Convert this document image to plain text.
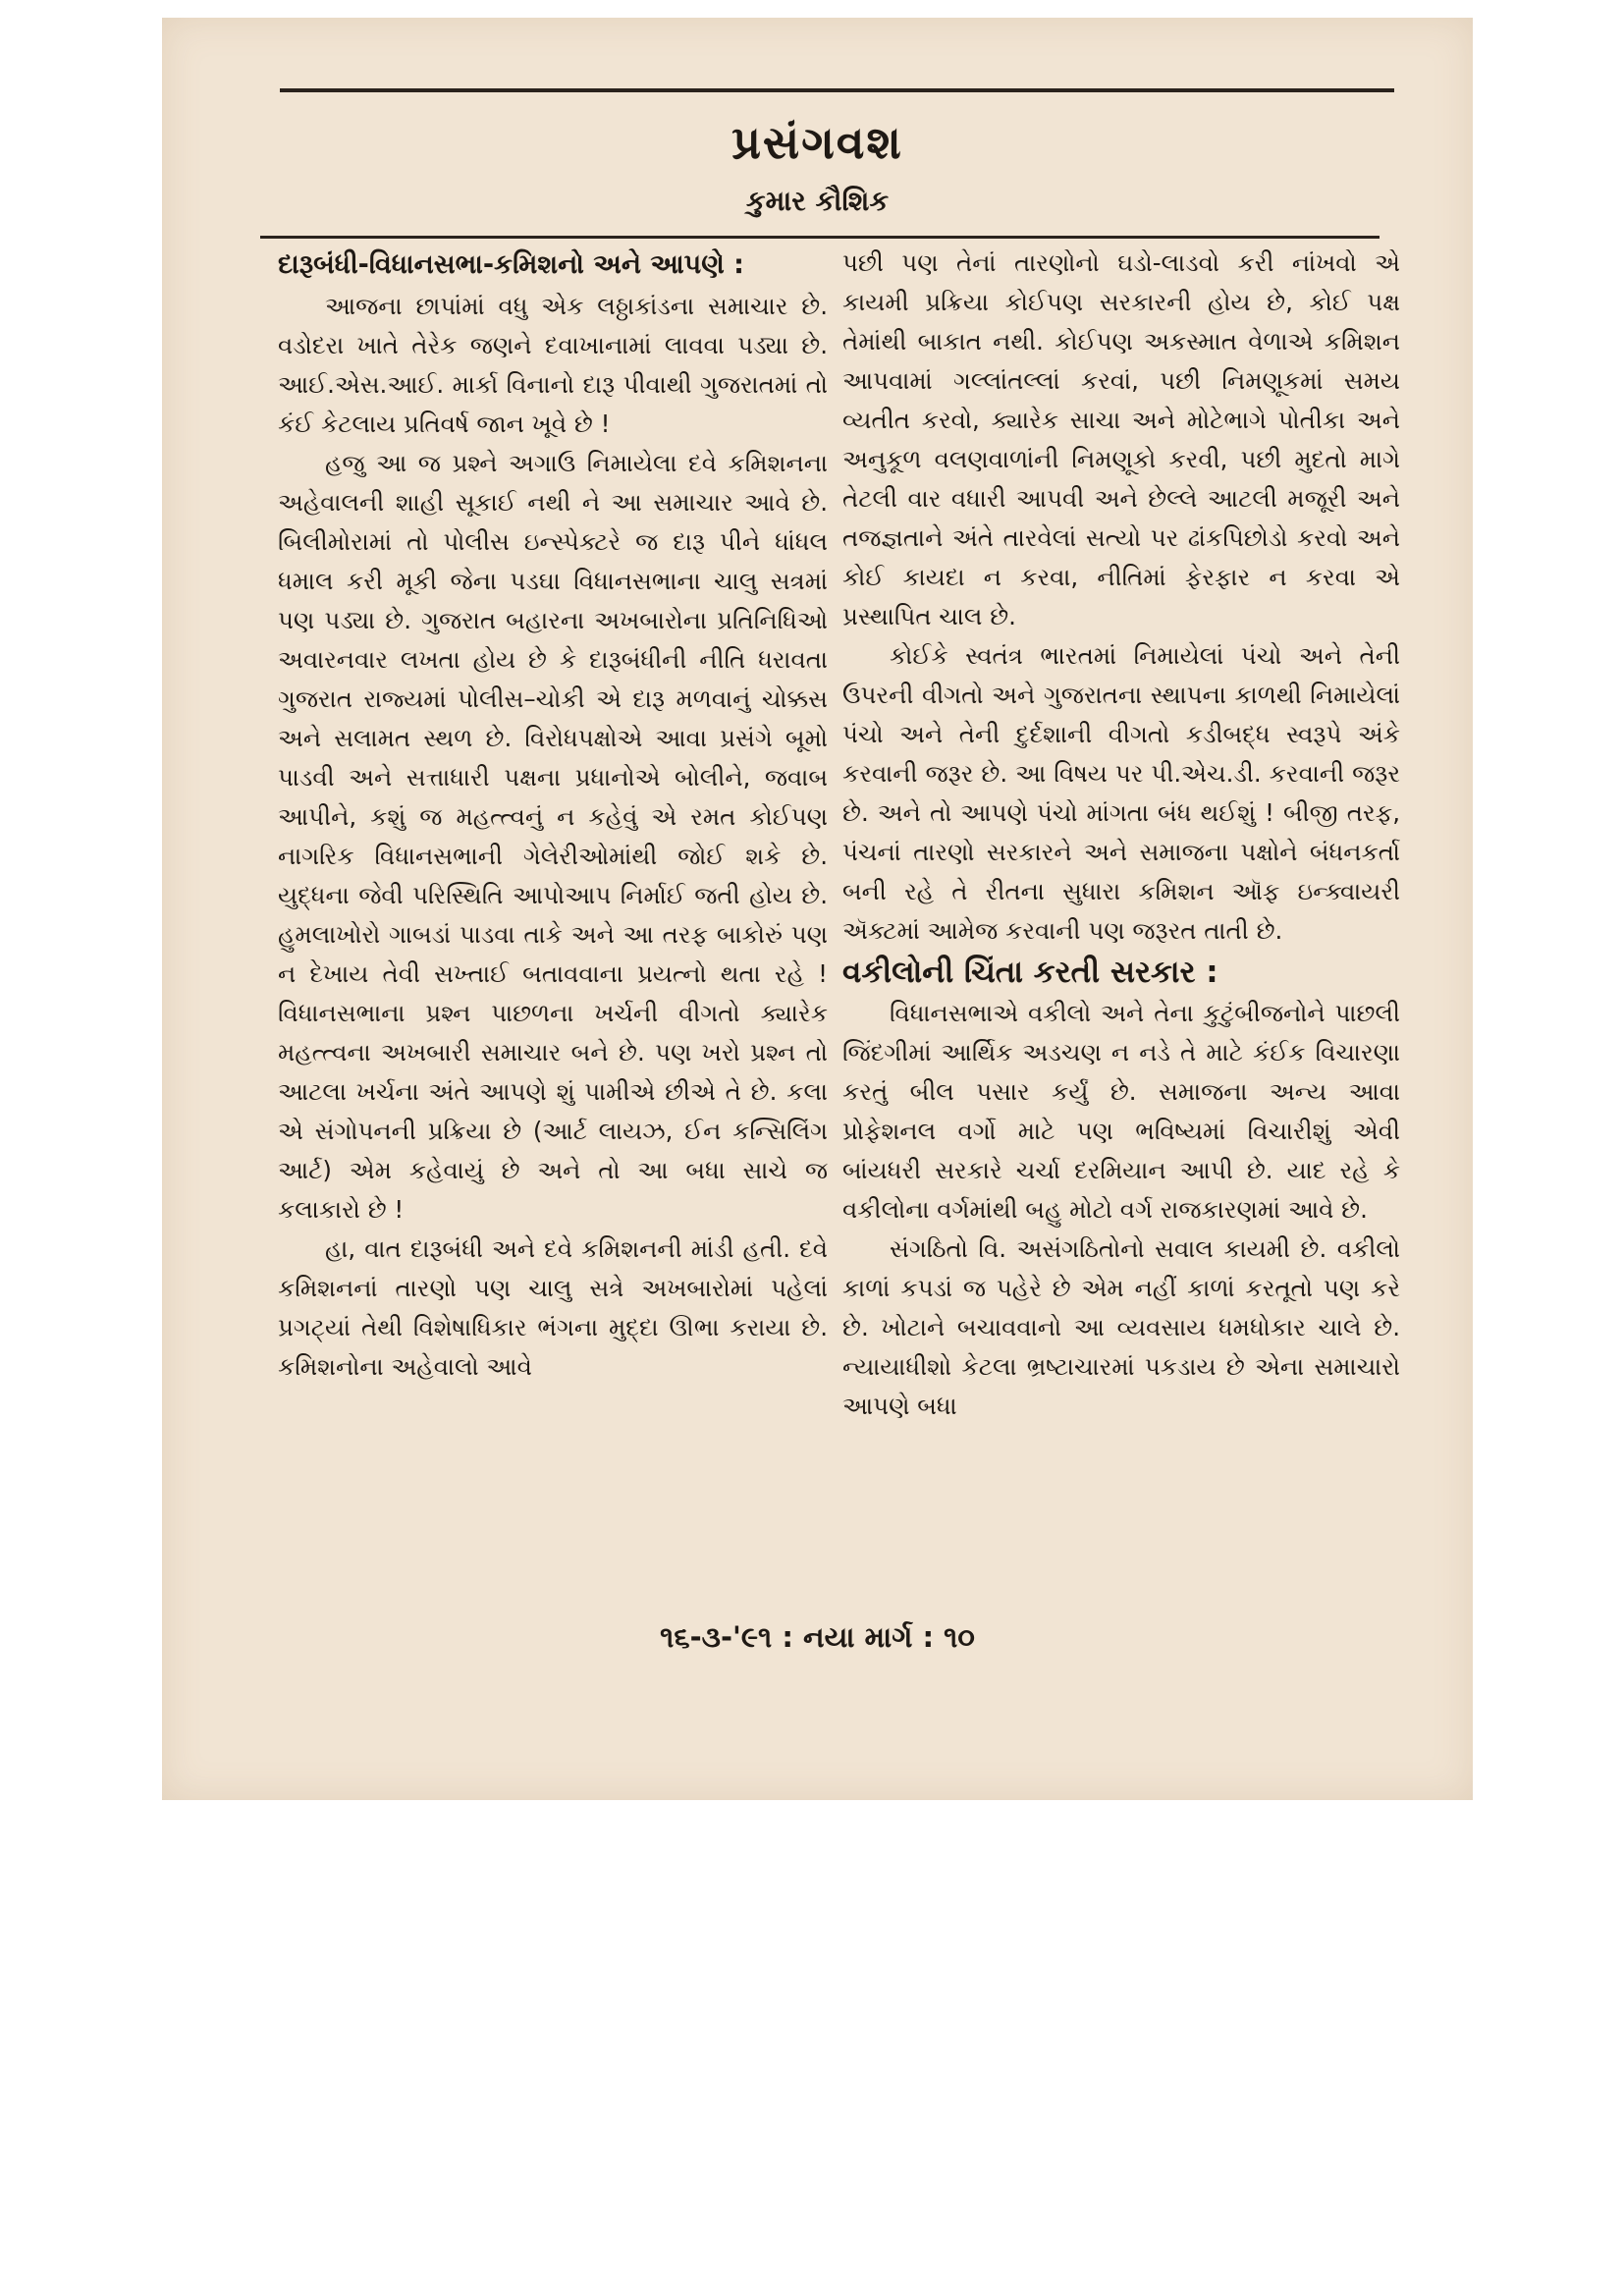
પ્રસંગવશ
કુમાર કૌશિક

દારૂબંધી-વિધાનસભા-કમિશનો અને આપણે :

આજના છાપાંમાં વધુ એક લઠ્ઠાકાંડના સમાચાર છે. વડોદરા ખાતે તેરેક જણને દવાખાનામાં લાવવા પડ્યા છે. આઈ.એસ.આઈ. માર્કા વિનાનો દારૂ પીવાથી ગુજરાતમાં તો કંઈ કેટલાય પ્રતિવર્ષ જાન ખૂવે છે !

હજુ આ જ પ્રશ્ને અગાઉ નિમાયેલા દવે કમિશનના અહેવાલની શાહી સૂકાઈ નથી ને આ સમાચાર આવે છે. બિલીમોરામાં તો પોલીસ ઇન્સ્પેક્ટરે જ દારૂ પીને ધાંધલ ધમાલ કરી મૂકી જેના પડઘા વિધાનસભાના ચાલુ સત્રમાં પણ પડ્યા છે. ગુજરાત બહારના અખબારોના પ્રતિનિધિઓ અવારનવાર લખતા હોય છે કે દારૂબંધીની નીતિ ધરાવતા ગુજરાત રાજ્યમાં પોલીસ–ચોકી એ દારૂ મળવાનું ચોક્કસ અને સલામત સ્થળ છે. વિરોધપક્ષોએ આવા પ્રસંગે બૂમો પાડવી અને સત્તાધારી પક્ષના પ્રધાનોએ બોલીને, જવાબ આપીને, કશું જ મહત્ત્વનું ન કહેવું એ રમત કોઈપણ નાગરિક વિધાનસભાની ગેલેરીઓમાંથી જોઈ શકે છે. યુદ્ધના જેવી પરિસ્થિતિ આપોઆપ નિર્માઈ જતી હોય છે. હુમલાખોરો ગાબડાં પાડવા તાકે અને આ તરફ બાકોરું પણ ન દેખાય તેવી સખ્તાઈ બતાવવાના પ્રયત્નો થતા રહે ! વિધાનસભાના પ્રશ્ન પાછળના ખર્ચની વીગતો ક્યારેક મહત્ત્વના અખબારી સમાચાર બને છે. પણ ખરો પ્રશ્ન તો આટલા ખર્ચના અંતે આપણે શું પામીએ છીએ તે છે. કલા એ સંગોપનની પ્રક્રિયા છે (આર્ટ લાયઝ, ઈન કન્સિલિંગ આર્ટ) એમ કહેવાયું છે અને તો આ બધા સાચે જ કલાકારો છે !

હા, વાત દારૂબંધી અને દવે કમિશનની માંડી હતી. દવે કમિશનનાં તારણો પણ ચાલુ સત્રે અખબારોમાં પહેલાં પ્રગટ્યાં તેથી વિશેષાધિકાર ભંગના મુદ્દા ઊભા કરાયા છે. કમિશનોના અહેવાલો આવે

પછી પણ તેનાં તારણોનો ઘડો-લાડવો કરી નાંખવો એ કાયમી પ્રક્રિયા કોઈપણ સરકારની હોય છે, કોઈ પક્ષ તેમાંથી બાકાત નથી. કોઈપણ અકસ્માત વેળાએ કમિશન આપવામાં ગલ્લાંતલ્લાં કરવાં, પછી નિમણૂકમાં સમય વ્યતીત કરવો, ક્યારેક સાચા અને મોટેભાગે પોતીકા અને અનુકૂળ વલણવાળાંની નિમણૂકો કરવી, પછી મુદતો માગે તેટલી વાર વધારી આપવી અને છેલ્લે આટલી મજૂરી અને તજજ્ઞતાને અંતે તારવેલાં સત્યો પર ઢાંકપિછોડો કરવો અને કોઈ કાયદા ન કરવા, નીતિમાં ફેરફાર ન કરવા એ પ્રસ્થાપિત ચાલ છે.

કોઈકે સ્વતંત્ર ભારતમાં નિમાયેલાં પંચો અને તેની ઉપરની વીગતો અને ગુજરાતના સ્થાપના કાળથી નિમાયેલાં પંચો અને તેની દુર્દશાની વીગતો કડીબદ્ધ સ્વરૂપે અંકે કરવાની જરૂર છે. આ વિષય પર પી.એચ.ડી. કરવાની જરૂર છે. અને તો આપણે પંચો માંગતા બંધ થઈશું ! બીજી તરફ, પંચનાં તારણો સરકારને અને સમાજના પક્ષોને બંધનકર્તા બની રહે તે રીતના સુધારા કમિશન ઑફ ઇન્ક્વાયરી ઍક્ટમાં આમેજ કરવાની પણ જરૂરત તાતી છે.

વકીલોની ચિંતા કરતી સરકાર :

વિધાનસભાએ વકીલો અને તેના કુટુંબીજનોને પાછલી જિંદગીમાં આર્થિક અડચણ ન નડે તે માટે કંઈક વિચારણા કરતું બીલ પસાર કર્યું છે. સમાજના અન્ય આવા પ્રોફેશનલ વર્ગો માટે પણ ભવિષ્યમાં વિચારીશું એવી બાંયધરી સરકારે ચર્ચા દરમિયાન આપી છે. યાદ રહે કે વકીલોના વર્ગમાંથી બહુ મોટો વર્ગ રાજકારણમાં આવે છે.

સંગઠિતો વિ. અસંગઠિતોનો સવાલ કાયમી છે. વકીલો કાળાં કપડાં જ પહેરે છે એમ નહીં કાળાં કરતૂતો પણ કરે છે. ખોટાને બચાવવાનો આ વ્યવસાય ધમધોકાર ચાલે છે. ન્યાયાધીશો કેટલા ભ્રષ્ટાચારમાં પકડાય છે એના સમાચારો આપણે બધા

૧૬-૩-'૯૧ : નયા માર્ગ : ૧૦
